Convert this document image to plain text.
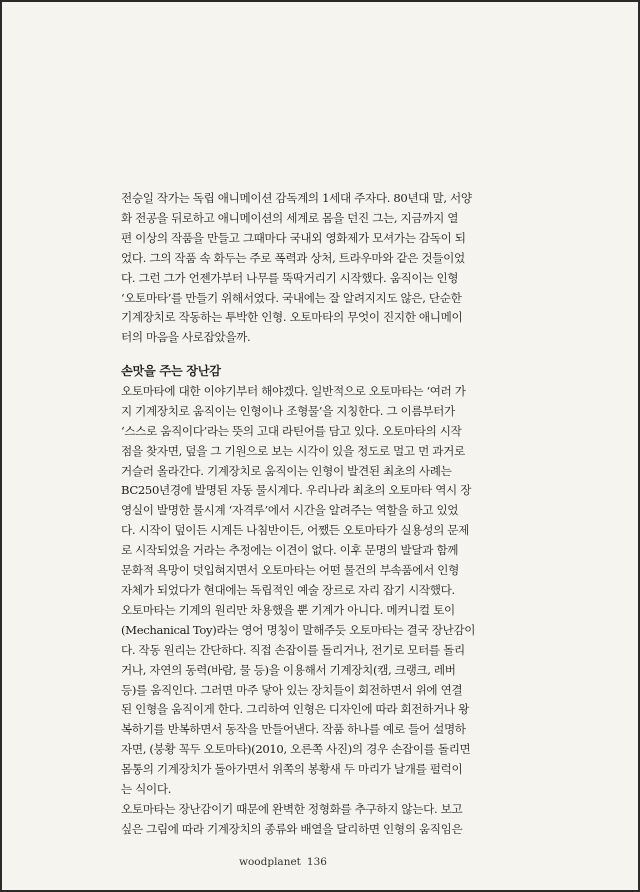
전승일 작가는 독립 애니메이션 감독계의 1세대 주자다. 80년대 말, 서양
화 전공을 뒤로하고 애니메이션의 세계로 몸을 던진 그는, 지금까지 열
편 이상의 작품을 만들고 그때마다 국내외 영화제가 모셔가는 감독이 되
었다. 그의 작품 속 화두는 주로 폭력과 상처, 트라우마와 같은 것들이었
다. 그런 그가 언젠가부터 나무를 뚝딱거리기 시작했다. 움직이는 인형
‘오토마타’를 만들기 위해서였다. 국내에는 잘 알려지지도 않은, 단순한
기계장치로 작동하는 투박한 인형. 오토마타의 무엇이 진지한 애니메이
터의 마음을 사로잡았을까.

손맛을 주는 장난감

오토마타에 대한 이야기부터 해야겠다. 일반적으로 오토마타는 ‘여러 가
지 기계장치로 움직이는 인형이나 조형물’을 지칭한다. 그 이름부터가
‘스스로 움직이다’라는 뜻의 고대 라틴어를 담고 있다. 오토마타의 시작
점을 찾자면, 덮을 그 기원으로 보는 시각이 있을 정도로 멀고 먼 과거로
거슬러 올라간다. 기계장치로 움직이는 인형이 발견된 최초의 사례는
BC250년경에 발명된 자동 물시계다. 우리나라 최초의 오토마타 역시 장
영실이 발명한 물시계 ‘자격루’에서 시간을 알려주는 역할을 하고 있었
다. 시작이 덮이든 시계든 나침반이든, 어쨌든 오토마타가 실용성의 문제
로 시작되었을 거라는 추정에는 이견이 없다. 이후 문명의 발달과 함께
문화적 욕망이 덧입혀지면서 오토마타는 어떤 물건의 부속품에서 인형
자체가 되었다가 현대에는 독립적인 예술 장르로 자리 잡기 시작했다.

오토마타는 기계의 원리만 차용했을 뿐 기계가 아니다. 메커니컬 토이
(Mechanical Toy)라는 영어 명칭이 말해주듯 오토마타는 결국 장난감이
다. 작동 원리는 간단하다. 직접 손잡이를 돌리거나, 전기로 모터를 돌리
거나, 자연의 동력(바람, 물 등)을 이용해서 기계장치(캠, 크랭크, 레버
등)를 움직인다. 그러면 마주 닿아 있는 장치들이 회전하면서 위에 연결
된 인형을 움직이게 한다. 그리하여 인형은 디자인에 따라 회전하거나 왕
복하기를 반복하면서 동작을 만들어낸다. 작품 하나를 예로 들어 설명하
자면, (붕황 꼭두 오토마타)(2010, 오른쪽 사진)의 경우 손잡이를 돌리면
몸통의 기계장치가 돌아가면서 위쪽의 봉황새 두 마리가 날개를 펄럭이
는 식이다.

오토마타는 장난감이기 때문에 완벽한 정형화를 추구하지 않는다. 보고
싶은 그림에 따라 기계장치의 종류와 배열을 달리하면 인형의 움직임은

woodplanet 136
